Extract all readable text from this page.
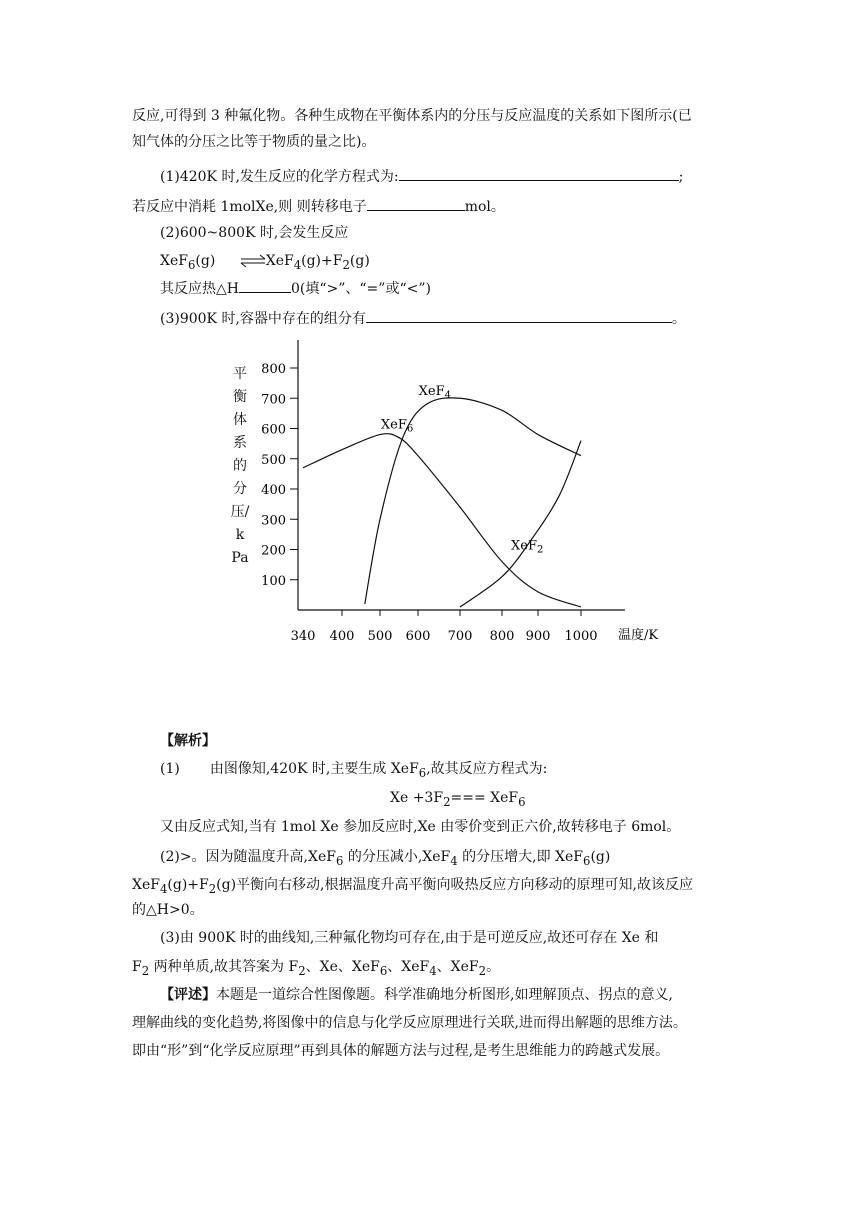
反应,可得到 3 种氟化物。各种生成物在平衡体系内的分压与反应温度的关系如下图所示(已
知气体的分压之比等于物质的量之比)。
(1)420K 时,发生反应的化学方程式为:	;
若反应中消耗 1molXe,则 则转移电子	mol。
(2)600~800K 时,会发生反应
XeF$_6$(g) $\rightleftharpoons XeF_4(g)+F_2(g)$
其反应热△H	0(填“>”、“=”或“<”)
(3)900K 时,容器中存在的组分有	。
平
衡
体
系
的
分
压/
k
Pa
800
700
600
500
400
300
200
100
340 400 500 600 700 800 900 1000 温度/K
XeF$_6$
XeF$_4$
XeF$_2$
【解析】
(1) 由图像知,420K 时,主要生成 XeF$_6$,故其反应方程式为:
$Xe +3F_2=== XeF_6$
又由反应式知,当有 1mol Xe 参加反应时,Xe 由零价变到正六价,故转移电子 6mol。
(2)>。因为随温度升高,XeF$_6$ 的分压减小,XeF$_4$ 的分压增大,即 XeF$_6$(g)
$XeF_4(g)+F_2(g)$平衡向右移动,根据温度升高平衡向吸热反应方向移动的原理可知,故该反应
的△H>0。
(3)由 900K 时的曲线知,三种氟化物均可存在,由于是可逆反应,故还可存在 Xe 和
$F_2$ 两种单质,故其答案为 $F_2$、Xe、XeF$_6$、XeF$_4$、XeF$_2$。
【评述】本题是一道综合性图像题。科学准确地分析图形,如理解顶点、拐点的意义,
理解曲线的变化趋势,将图像中的信息与化学反应原理进行关联,进而得出解题的思维方法。
即由“形”到“化学反应原理”再到具体的解题方法与过程,是考生思维能力的跨越式发展。
